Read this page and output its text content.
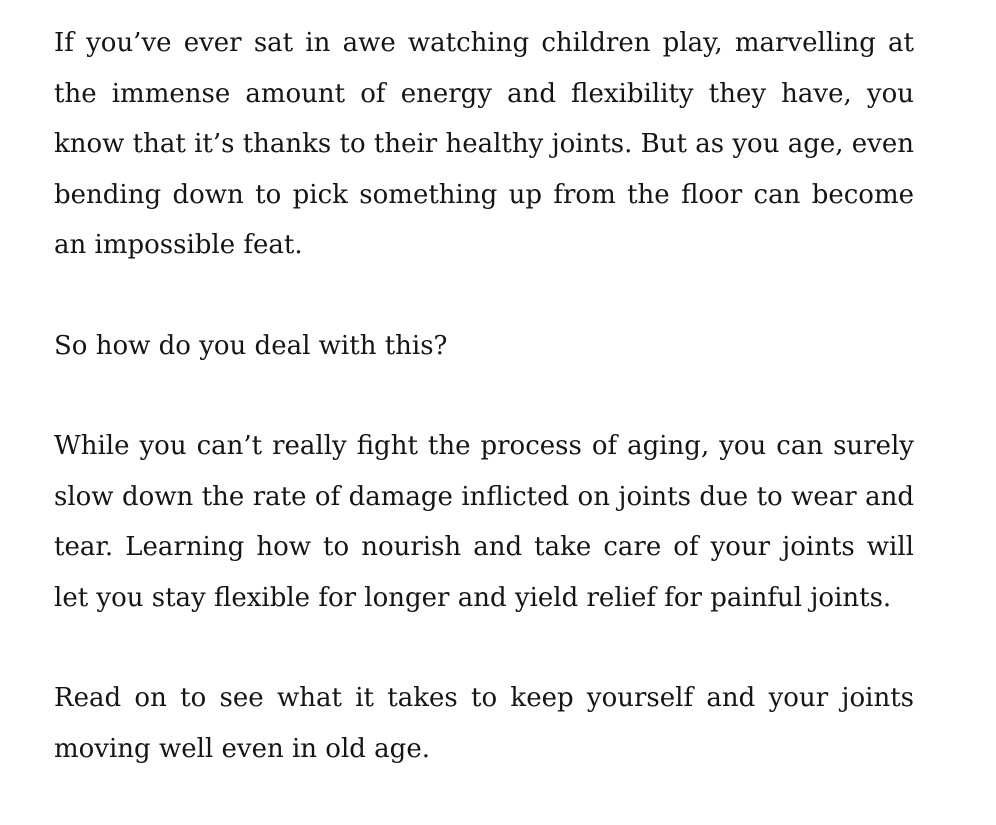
If you’ve ever sat in awe watching children play, marvelling at the immense amount of energy and flexibility they have, you know that it’s thanks to their healthy joints. But as you age, even bending down to pick something up from the floor can become an impossible feat.

So how do you deal with this?

While you can’t really fight the process of aging, you can surely slow down the rate of damage inflicted on joints due to wear and tear. Learning how to nourish and take care of your joints will let you stay flexible for longer and yield relief for painful joints.

Read on to see what it takes to keep yourself and your joints moving well even in old age.
